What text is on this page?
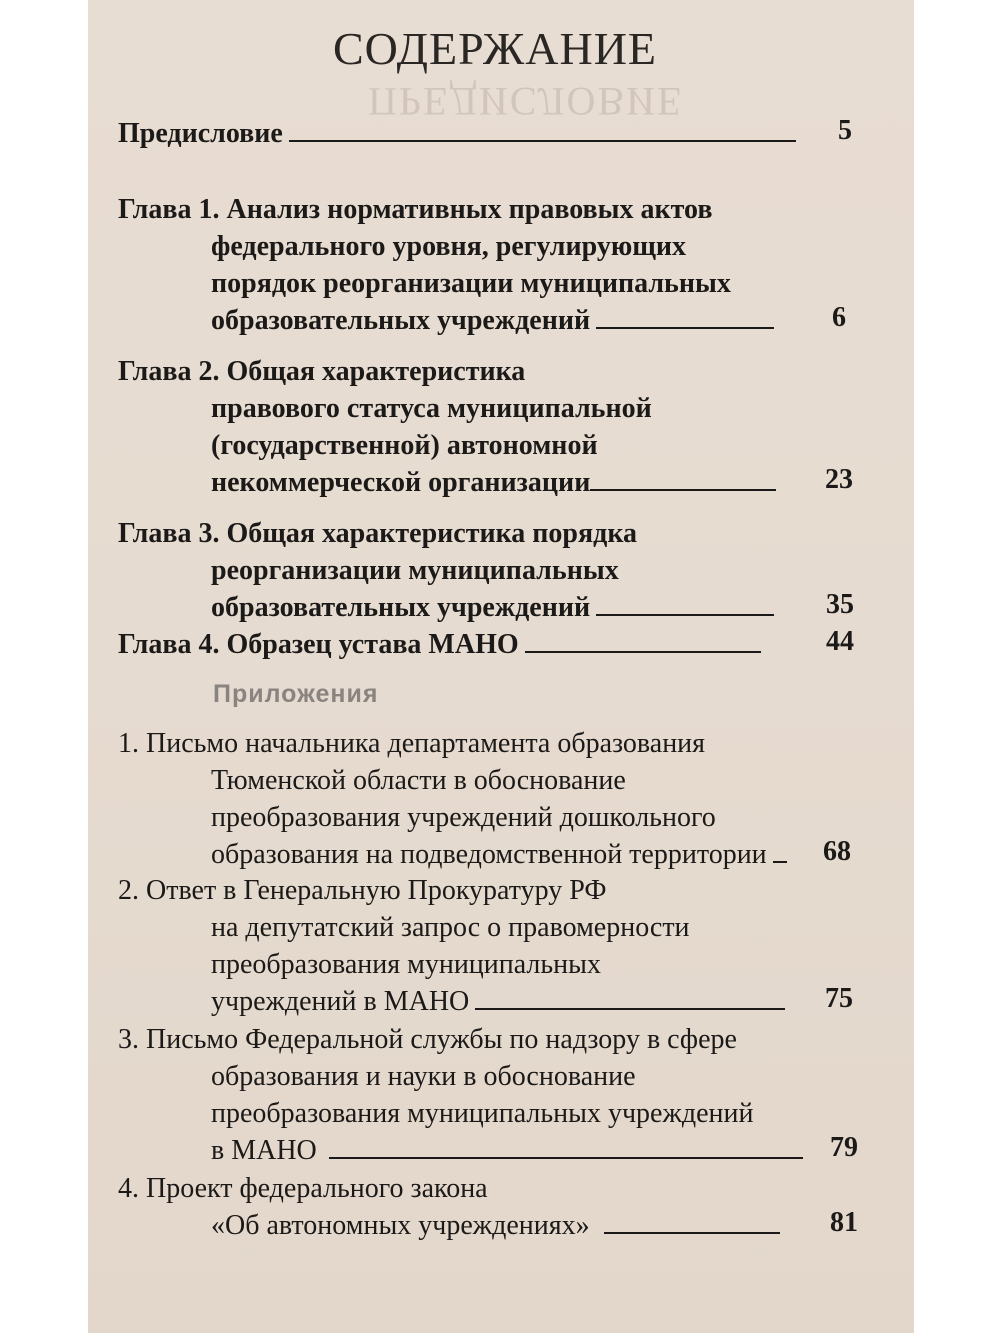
ПРЕДИСЛОВИЕ
СОДЕРЖАНИЕ
Предисловие	5
Глава 1. Анализ нормативных правовых актов
федерального уровня, регулирующих
порядок реорганизации муниципальных
образовательных учреждений	6
Глава 2. Общая характеристика
правового статуса муниципальной
(государственной) автономной
некоммерческой организации	23
Глава 3. Общая характеристика порядка
реорганизации муниципальных
образовательных учреждений	35
Глава 4. Образец устава МАНО	44
Приложения
1. Письмо начальника департамента образования
Тюменской области в обоснование
преобразования учреждений дошкольного
образования на подведомственной территории	68
2. Ответ в Генеральную Прокуратуру РФ
на депутатский запрос о правомерности
преобразования муниципальных
учреждений в МАНО	75
3. Письмо Федеральной службы по надзору в сфере
образования и науки в обоснование
преобразования муниципальных учреждений
в МАНО	79
4. Проект федерального закона
«Об автономных учреждениях»	81
